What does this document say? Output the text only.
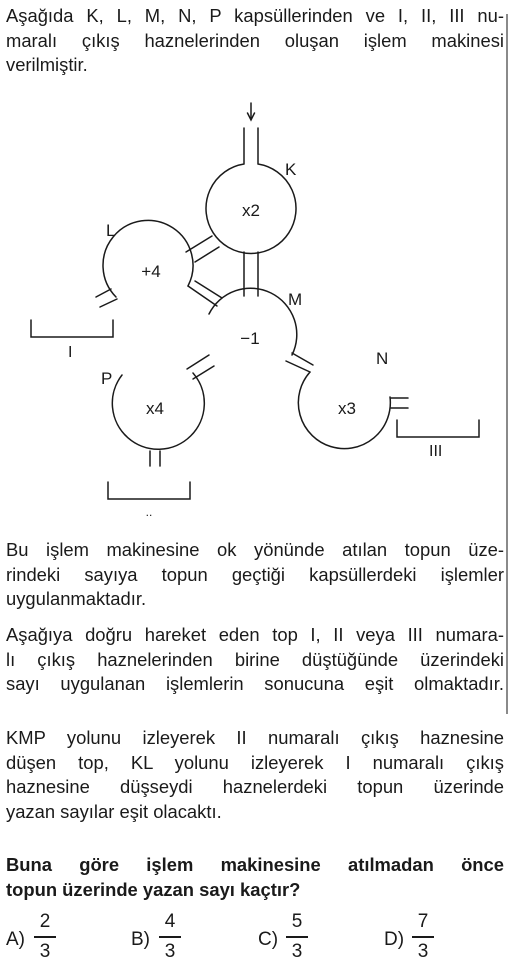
Aşağıda K, L, M, N, P kapsüllerinden ve I, II, III nu-
maralı çıkış haznelerinden oluşan işlem makinesi
verilmiştir.
K
x2
L
+4
M
−1
N
x3
P
x4
I
III
..
Bu işlem makinesine ok yönünde atılan topun üze-
rindeki sayıya topun geçtiği kapsüllerdeki işlemler
uygulanmaktadır.
Aşağıya doğru hareket eden top I, II veya III numara-
lı çıkış haznelerinden birine düştüğünde üzerindeki
sayı uygulanan işlemlerin sonucuna eşit olmaktadır.
KMP yolunu izleyerek II numaralı çıkış haznesine
düşen top, KL yolunu izleyerek I numaralı çıkış
haznesine düşseydi haznelerdeki topun üzerinde
yazan sayılar eşit olacaktı.
Buna göre işlem makinesine atılmadan önce
topun üzerinde yazan sayı kaçtır?
A)
2
3
B)
4
3
C)
5
3
D)
7
3
